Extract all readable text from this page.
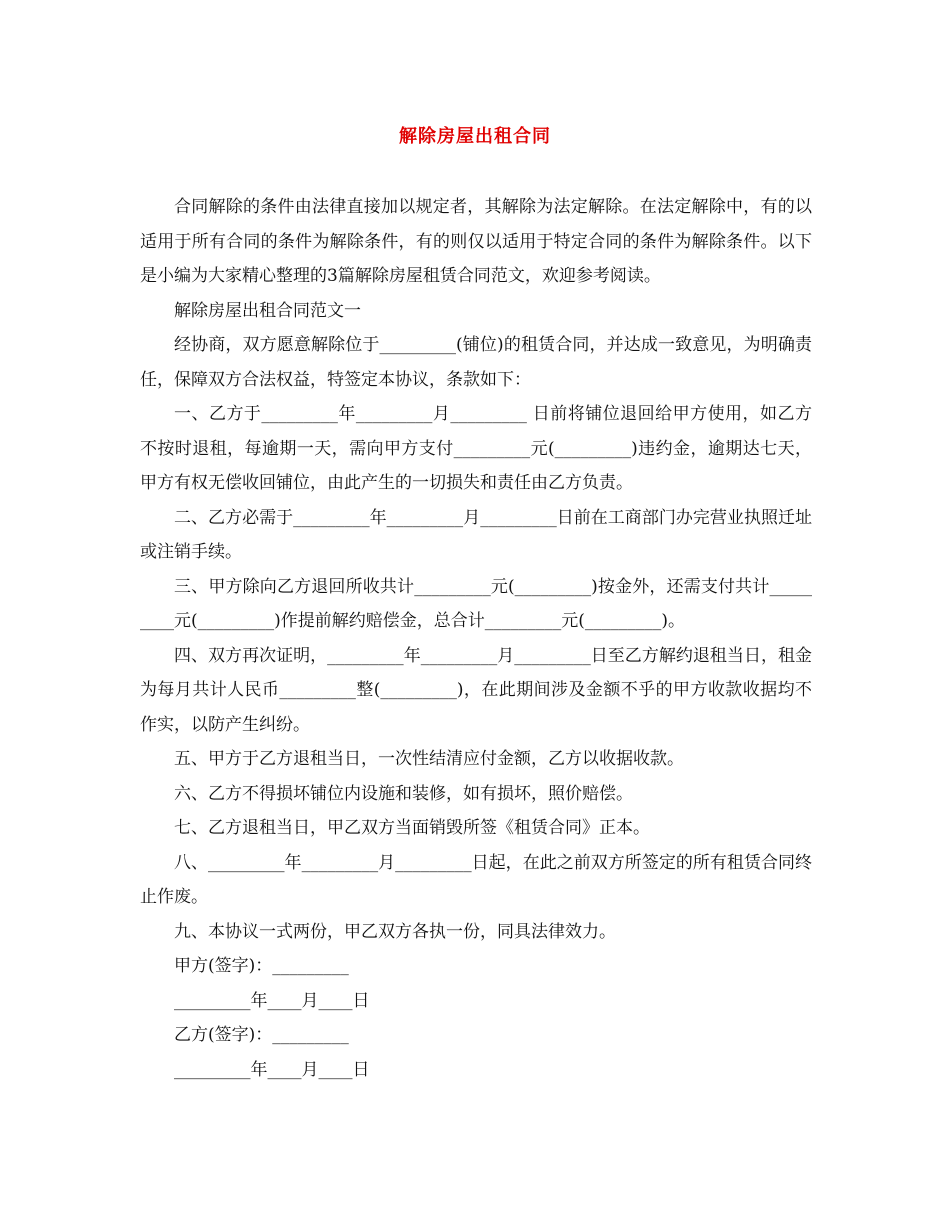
解除房屋出租合同

合同解除的条件由法律直接加以规定者，其解除为法定解除。在法定解除中，有的以适用于所有合同的条件为解除条件，有的则仅以适用于特定合同的条件为解除条件。以下是小编为大家精心整理的3篇解除房屋租赁合同范文，欢迎参考阅读。

解除房屋出租合同范文一

经协商，双方愿意解除位于_________(铺位)的租赁合同，并达成一致意见，为明确责任，保障双方合法权益，特签定本协议，条款如下：

一、乙方于_________年_________月_________ 日前将铺位退回给甲方使用，如乙方不按时退租，每逾期一天，需向甲方支付_________元(_________)违约金，逾期达七天，甲方有权无偿收回铺位，由此产生的一切损失和责任由乙方负责。

二、乙方必需于_________年_________月_________日前在工商部门办完营业执照迁址或注销手续。

三、甲方除向乙方退回所收共计_________元(_________)按金外，还需支付共计_________元(_________)作提前解约赔偿金，总合计_________元(_________)。

四、双方再次证明，_________年_________月_________日至乙方解约退租当日，租金为每月共计人民币_________整(_________)，在此期间涉及金额不乎的甲方收款收据均不作实，以防产生纠纷。

五、甲方于乙方退租当日，一次性结清应付金额，乙方以收据收款。

六、乙方不得损坏铺位内设施和装修，如有损坏，照价赔偿。

七、乙方退租当日，甲乙双方当面销毁所签《租赁合同》正本。

八、_________年_________月_________日起，在此之前双方所签定的所有租赁合同终止作废。

九、本协议一式两份，甲乙双方各执一份，同具法律效力。

甲方(签字)：_________

_________年____月____日

乙方(签字)：_________

_________年____月____日
